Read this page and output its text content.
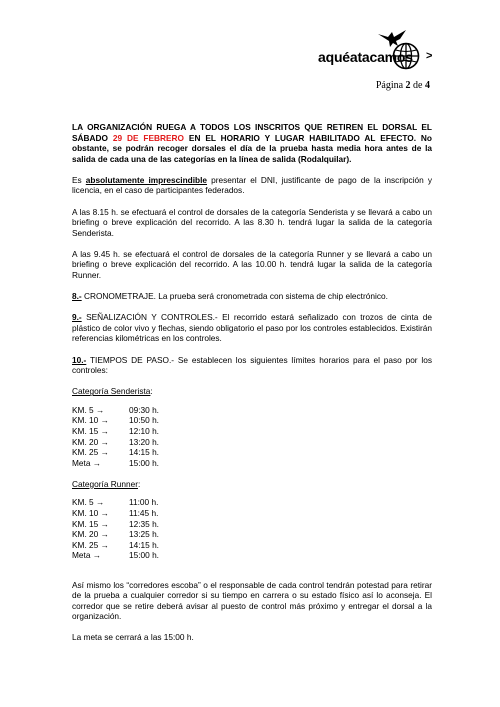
aquéatacamos >
Página 2 de 4

LA ORGANIZACIÓN RUEGA A TODOS LOS INSCRITOS QUE RETIREN EL DORSAL EL SÁBADO 29 DE FEBRERO EN EL HORARIO Y LUGAR HABILITADO AL EFECTO. No obstante, se podrán recoger dorsales el día de la prueba hasta media hora antes de la salida de cada una de las categorías en la línea de salida (Rodalquilar).

Es absolutamente imprescindible presentar el DNI, justificante de pago de la inscripción y licencia, en el caso de participantes federados.

A las 8.15 h. se efectuará el control de dorsales de la categoría Senderista y se llevará a cabo un briefing o breve explicación del recorrido. A las 8.30 h. tendrá lugar la salida de la categoría Senderista.

A las 9.45 h. se efectuará el control de dorsales de la categoría Runner y se llevará a cabo un briefing o breve explicación del recorrido. A las 10.00 h. tendrá lugar la salida de la categoría Runner.

8.- CRONOMETRAJE. La prueba será cronometrada con sistema de chip electrónico.

9.- SEÑALIZACIÓN Y CONTROLES.- El recorrido estará señalizado con trozos de cinta de plástico de color vivo y flechas, siendo obligatorio el paso por los controles establecidos. Existirán referencias kilométricas en los controles.

10.- TIEMPOS DE PASO.- Se establecen los siguientes límites horarios para el paso por los controles:

Categoría Senderista:

KM. 5 →	09:30 h.
KM. 10 →	10:50 h.
KM. 15 →	12:10 h.
KM. 20 →	13:20 h.
KM. 25 →	14:15 h.
Meta →	15:00 h.

Categoría Runner:

KM. 5 →	11:00 h.
KM. 10 →	11:45 h.
KM. 15 →	12:35 h.
KM. 20 →	13:25 h.
KM. 25 →	14:15 h.
Meta →	15:00 h.

Así mismo los “corredores escoba” o el responsable de cada control tendrán potestad para retirar de la prueba a cualquier corredor si su tiempo en carrera o su estado físico así lo aconseja. El corredor que se retire deberá avisar al puesto de control más próximo y entregar el dorsal a la organización.

La meta se cerrará a las 15:00 h.
